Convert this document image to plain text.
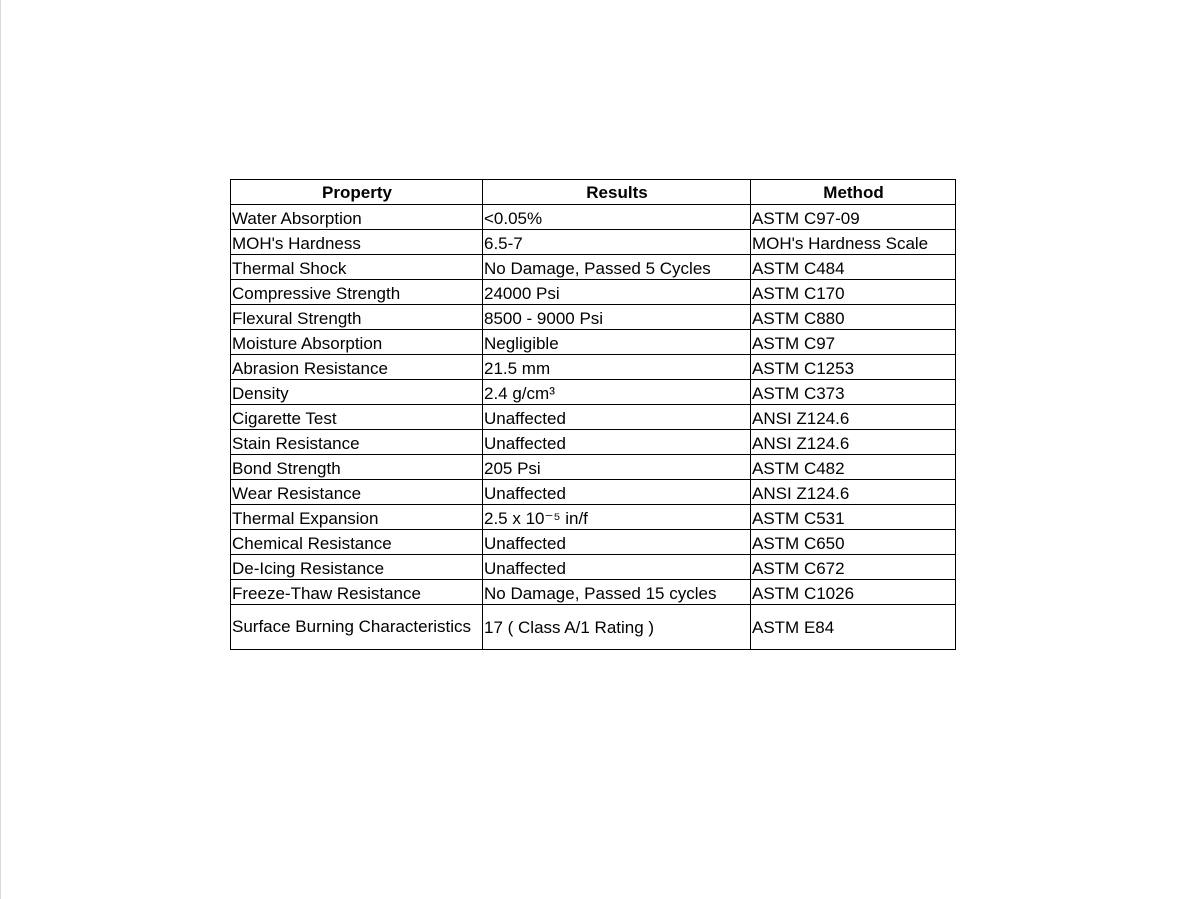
Property	Results	Method
Water Absorption	<0.05%	ASTM C97-09
MOH's Hardness	6.5-7	MOH's Hardness Scale
Thermal Shock	No Damage, Passed 5 Cycles	ASTM C484
Compressive Strength	24000 Psi	ASTM C170
Flexural Strength	8500 - 9000 Psi	ASTM C880
Moisture Absorption	Negligible	ASTM C97
Abrasion Resistance	21.5 mm	ASTM C1253
Density	2.4 g/cm³	ASTM C373
Cigarette Test	Unaffected	ANSI Z124.6
Stain Resistance	Unaffected	ANSI Z124.6
Bond Strength	205 Psi	ASTM C482
Wear Resistance	Unaffected	ANSI Z124.6
Thermal Expansion	2.5 x 10⁻⁵ in/f	ASTM C531
Chemical Resistance	Unaffected	ASTM C650
De-Icing Resistance	Unaffected	ASTM C672
Freeze-Thaw Resistance	No Damage, Passed 15 cycles	ASTM C1026
Surface Burning Characteristics	17 ( Class A/1 Rating )	ASTM E84
